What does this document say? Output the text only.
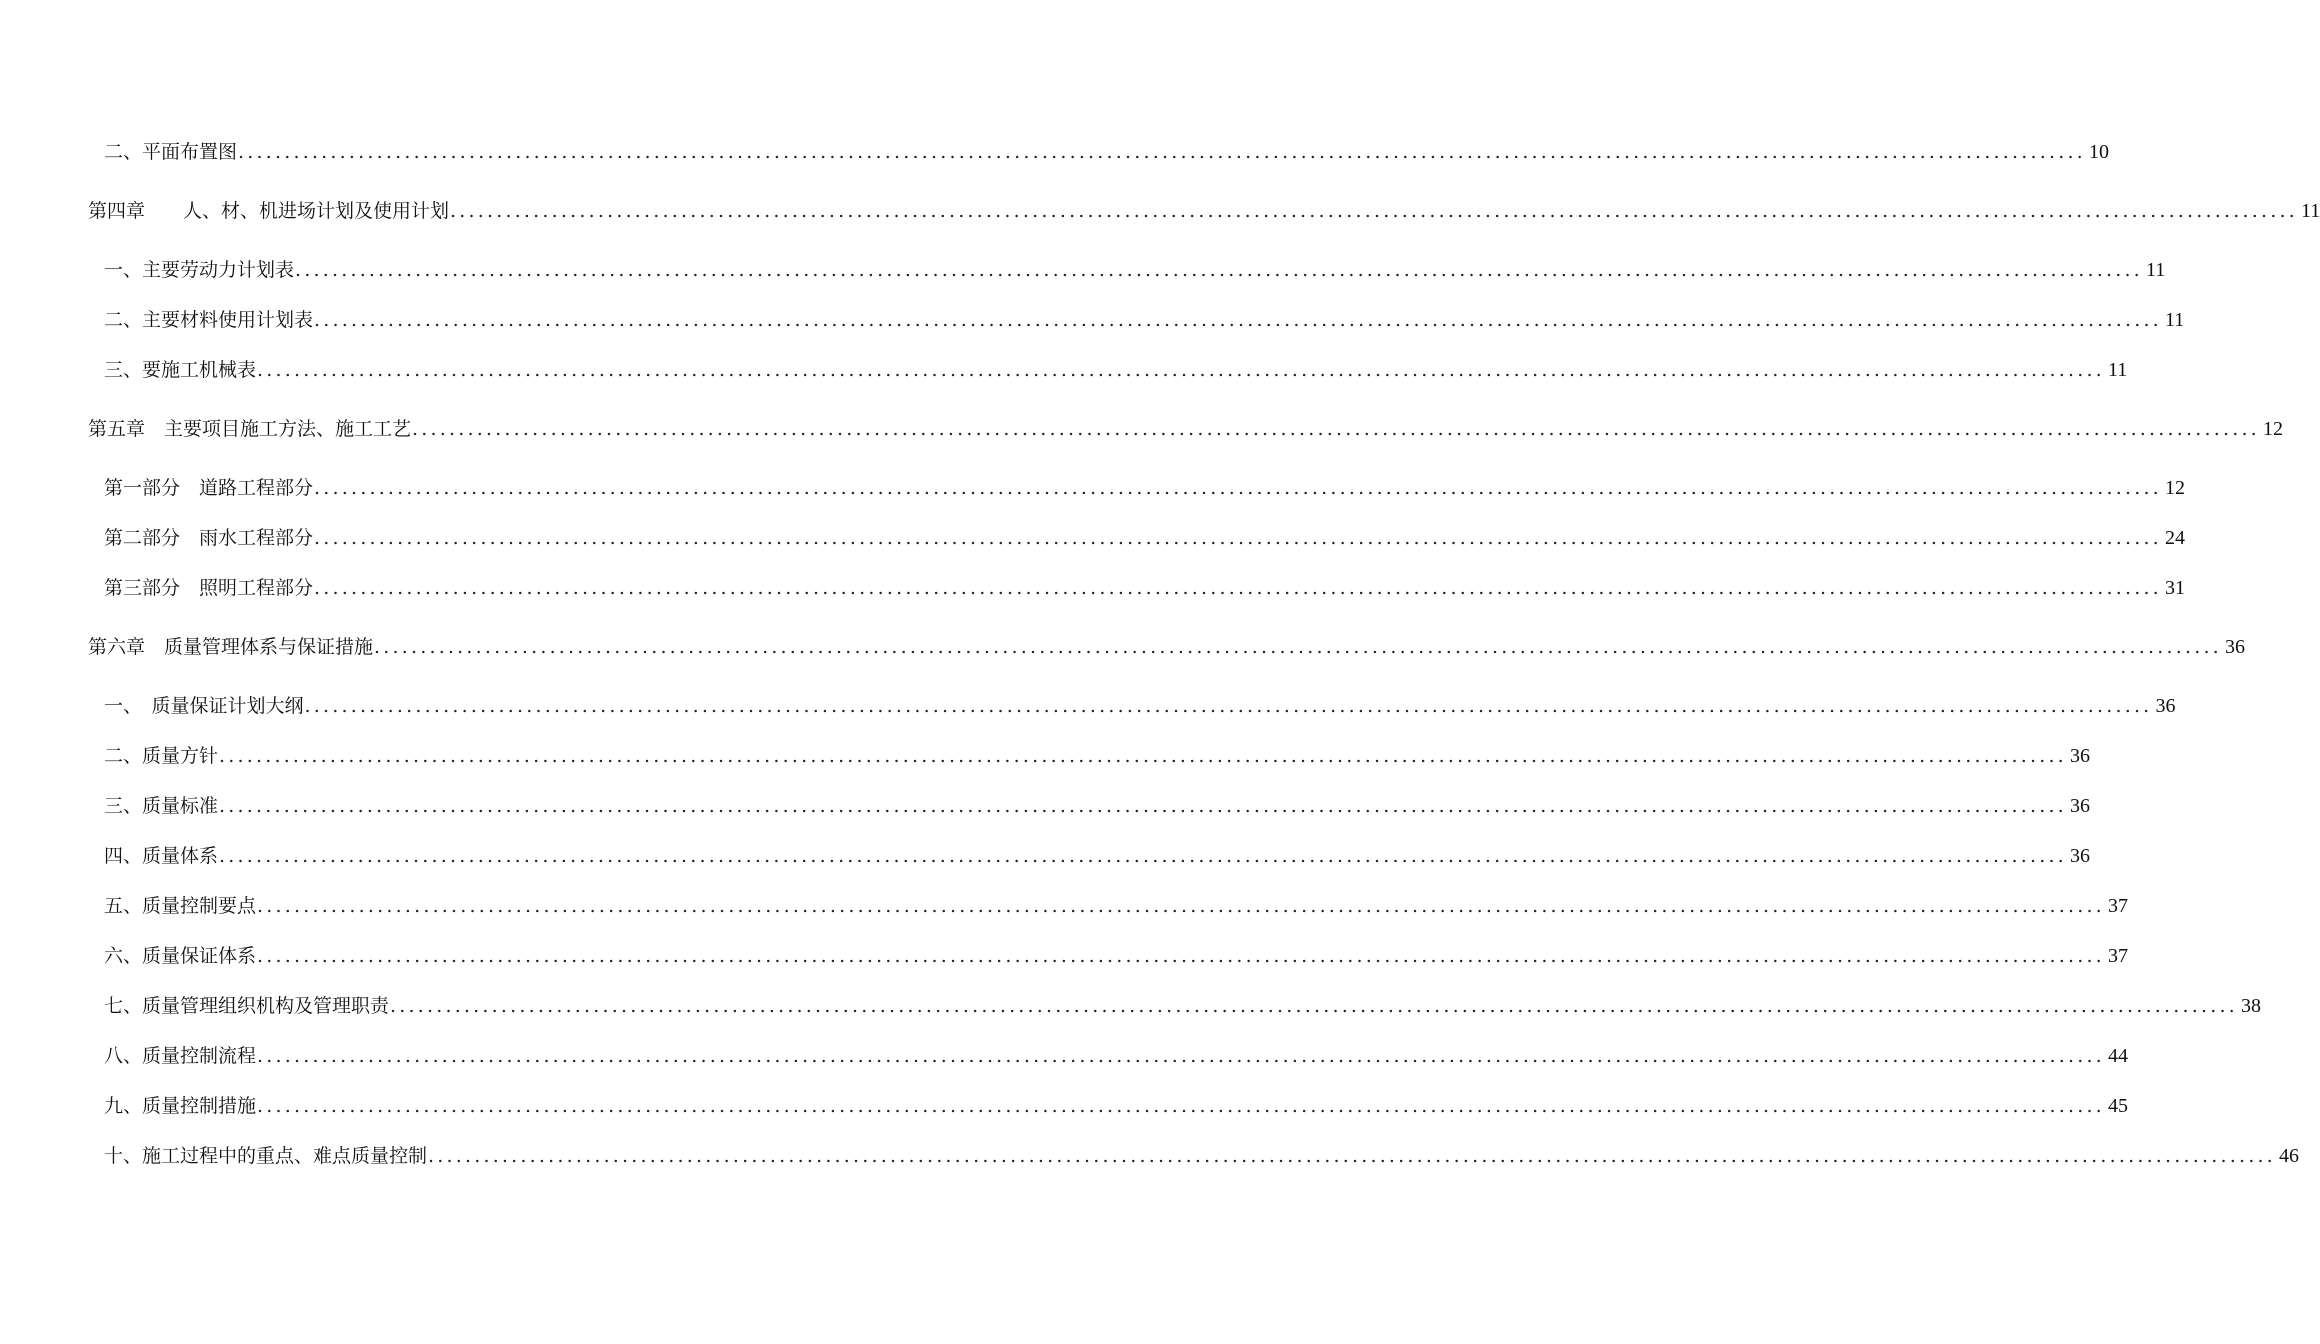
二、平面布置图 ........................................................................................................................................................................................................ 10
第四章　　人、材、机进场计划及使用计划 ........................................................................................................................................................................................................ 11
一、主要劳动力计划表 ........................................................................................................................................................................................................ 11
二、主要材料使用计划表 ........................................................................................................................................................................................................ 11
三、要施工机械表 ........................................................................................................................................................................................................ 11
第五章　主要项目施工方法、施工工艺 ........................................................................................................................................................................................................ 12
第一部分　道路工程部分 ........................................................................................................................................................................................................ 12
第二部分　雨水工程部分 ........................................................................................................................................................................................................ 24
第三部分　照明工程部分 ........................................................................................................................................................................................................ 31
第六章　质量管理体系与保证措施 ........................................................................................................................................................................................................ 36
一、　质量保证计划大纲 ........................................................................................................................................................................................................ 36
二、质量方针 ........................................................................................................................................................................................................ 36
三、质量标准 ........................................................................................................................................................................................................ 36
四、质量体系 ........................................................................................................................................................................................................ 36
五、质量控制要点 ........................................................................................................................................................................................................ 37
六、质量保证体系 ........................................................................................................................................................................................................ 37
七、质量管理组织机构及管理职责 ........................................................................................................................................................................................................ 38
八、质量控制流程 ........................................................................................................................................................................................................ 44
九、质量控制措施 ........................................................................................................................................................................................................ 45
十、施工过程中的重点、难点质量控制 ........................................................................................................................................................................................................ 46
